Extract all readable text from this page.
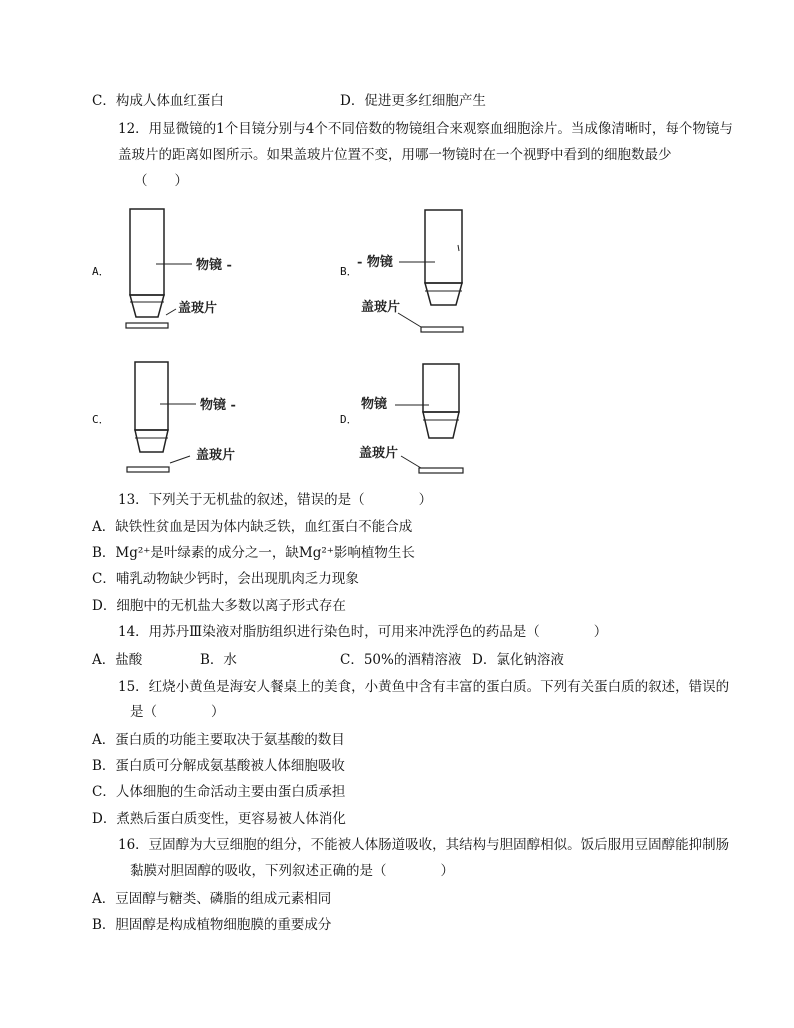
C．构成人体血红蛋白	D．促进更多红细胞产生
12．用显微镜的1个目镜分别与4个不同倍数的物镜组合来观察血细胞涂片。当成像清晰时，每个物镜与
盖玻片的距离如图所示。如果盖玻片位置不变，用哪一物镜时在一个视野中看到的细胞数最少
（　　）
A．	B．
C．	D．
物镜 -
盖玻片
- 物镜
盖玻片
物镜 -
盖玻片
物镜
盖玻片
13．下列关于无机盐的叙述，错误的是（　　　　）
A．缺铁性贫血是因为体内缺乏铁，血红蛋白不能合成
B．Mg²⁺是叶绿素的成分之一，缺Mg²⁺影响植物生长
C．哺乳动物缺少钙时，会出现肌肉乏力现象
D．细胞中的无机盐大多数以离子形式存在
14．用苏丹Ⅲ染液对脂肪组织进行染色时，可用来冲洗浮色的药品是（　　　　）
A．盐酸	B．水	C．50%的酒精溶液 D．氯化钠溶液
15．红烧小黄鱼是海安人餐桌上的美食，小黄鱼中含有丰富的蛋白质。下列有关蛋白质的叙述，错误的
是（　　　　）
A．蛋白质的功能主要取决于氨基酸的数目
B．蛋白质可分解成氨基酸被人体细胞吸收
C．人体细胞的生命活动主要由蛋白质承担
D．煮熟后蛋白质变性，更容易被人体消化
16．豆固醇为大豆细胞的组分，不能被人体肠道吸收，其结构与胆固醇相似。饭后服用豆固醇能抑制肠
黏膜对胆固醇的吸收，下列叙述正确的是（　　　　）
A．豆固醇与糖类、磷脂的组成元素相同
B．胆固醇是构成植物细胞膜的重要成分
